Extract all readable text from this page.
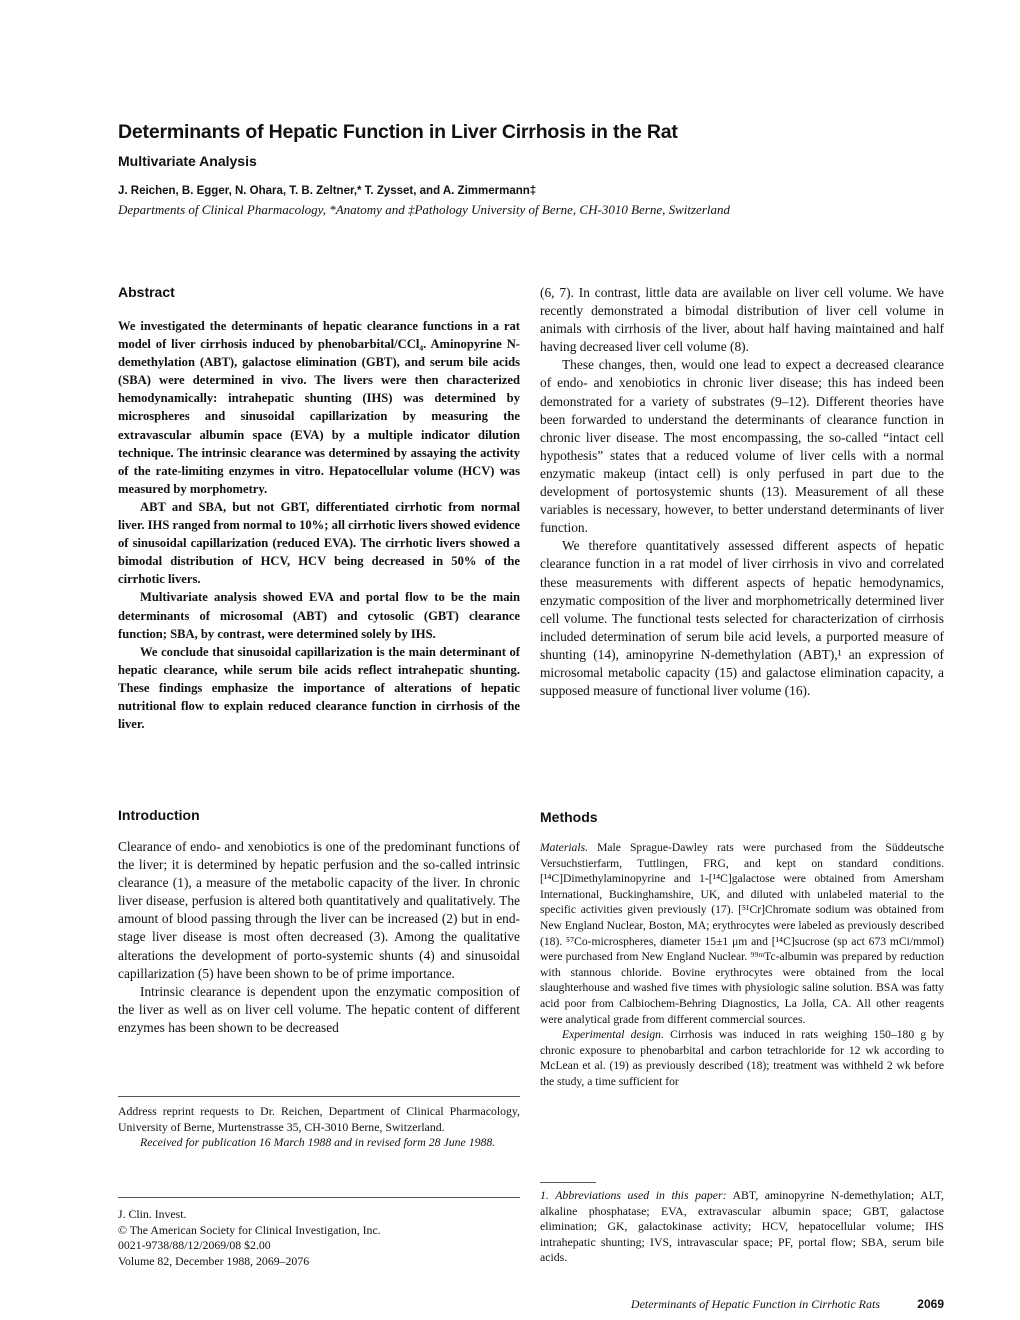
Determinants of Hepatic Function in Liver Cirrhosis in the Rat
Multivariate Analysis
J. Reichen, B. Egger, N. Ohara, T. B. Zeltner,* T. Zysset, and A. Zimmermann‡
Departments of Clinical Pharmacology, *Anatomy and ‡Pathology University of Berne, CH-3010 Berne, Switzerland
Abstract

We investigated the determinants of hepatic clearance functions in a rat model of liver cirrhosis induced by phenobarbital/CCl₄. Aminopyrine N-demethylation (ABT), galactose elimination (GBT), and serum bile acids (SBA) were determined in vivo. The livers were then characterized hemodynamically: intrahepatic shunting (IHS) was determined by microspheres and sinusoidal capillarization by measuring the extravascular albumin space (EVA) by a multiple indicator dilution technique. The intrinsic clearance was determined by assaying the activity of the rate-limiting enzymes in vitro. Hepatocellular volume (HCV) was measured by morphometry.

ABT and SBA, but not GBT, differentiated cirrhotic from normal liver. IHS ranged from normal to 10%; all cirrhotic livers showed evidence of sinusoidal capillarization (reduced EVA). The cirrhotic livers showed a bimodal distribution of HCV, HCV being decreased in 50% of the cirrhotic livers.

Multivariate analysis showed EVA and portal flow to be the main determinants of microsomal (ABT) and cytosolic (GBT) clearance function; SBA, by contrast, were determined solely by IHS.

We conclude that sinusoidal capillarization is the main determinant of hepatic clearance, while serum bile acids reflect intrahepatic shunting. These findings emphasize the importance of alterations of hepatic nutritional flow to explain reduced clearance function in cirrhosis of the liver.

Introduction

Clearance of endo- and xenobiotics is one of the predominant functions of the liver; it is determined by hepatic perfusion and the so-called intrinsic clearance (1), a measure of the metabolic capacity of the liver. In chronic liver disease, perfusion is altered both quantitatively and qualitatively. The amount of blood passing through the liver can be increased (2) but in end-stage liver disease is most often decreased (3). Among the qualitative alterations the development of porto-systemic shunts (4) and sinusoidal capillarization (5) have been shown to be of prime importance.

Intrinsic clearance is dependent upon the enzymatic composition of the liver as well as on liver cell volume. The hepatic content of different enzymes has been shown to be decreased

Address reprint requests to Dr. Reichen, Department of Clinical Pharmacology, University of Berne, Murtenstrasse 35, CH-3010 Berne, Switzerland.

Received for publication 16 March 1988 and in revised form 28 June 1988.

J. Clin. Invest.
© The American Society for Clinical Investigation, Inc.
0021-9738/88/12/2069/08 $2.00
Volume 82, December 1988, 2069–2076

(6, 7). In contrast, little data are available on liver cell volume. We have recently demonstrated a bimodal distribution of liver cell volume in animals with cirrhosis of the liver, about half having maintained and half having decreased liver cell volume (8).

These changes, then, would one lead to expect a decreased clearance of endo- and xenobiotics in chronic liver disease; this has indeed been demonstrated for a variety of substrates (9–12). Different theories have been forwarded to understand the determinants of clearance function in chronic liver disease. The most encompassing, the so-called “intact cell hypothesis” states that a reduced volume of liver cells with a normal enzymatic makeup (intact cell) is only perfused in part due to the development of portosystemic shunts (13). Measurement of all these variables is necessary, however, to better understand determinants of liver function.

We therefore quantitatively assessed different aspects of hepatic clearance function in a rat model of liver cirrhosis in vivo and correlated these measurements with different aspects of hepatic hemodynamics, enzymatic composition of the liver and morphometrically determined liver cell volume. The functional tests selected for characterization of cirrhosis included determination of serum bile acid levels, a purported measure of shunting (14), aminopyrine N-demethylation (ABT),¹ an expression of microsomal metabolic capacity (15) and galactose elimination capacity, a supposed measure of functional liver volume (16).

Methods

Materials. Male Sprague-Dawley rats were purchased from the Süddeutsche Versuchstierfarm, Tuttlingen, FRG, and kept on standard conditions. [¹⁴C]Dimethylaminopyrine and 1-[¹⁴C]galactose were obtained from Amersham International, Buckinghamshire, UK, and diluted with unlabeled material to the specific activities given previously (17). [⁵¹Cr]Chromate sodium was obtained from New England Nuclear, Boston, MA; erythrocytes were labeled as previously described (18). ⁵⁷Co-microspheres, diameter 15±1 μm and [¹⁴C]sucrose (sp act 673 mCi/mmol) were purchased from New England Nuclear. ⁹⁹ᵐTc-albumin was prepared by reduction with stannous chloride. Bovine erythrocytes were obtained from the local slaughterhouse and washed five times with physiologic saline solution. BSA was fatty acid poor from Calbiochem-Behring Diagnostics, La Jolla, CA. All other reagents were analytical grade from different commercial sources.

Experimental design. Cirrhosis was induced in rats weighing 150–180 g by chronic exposure to phenobarbital and carbon tetrachloride for 12 wk according to McLean et al. (19) as previously described (18); treatment was withheld 2 wk before the study, a time sufficient for

1. Abbreviations used in this paper: ABT, aminopyrine N-demethylation; ALT, alkaline phosphatase; EVA, extravascular albumin space; GBT, galactose elimination; GK, galactokinase activity; HCV, hepatocellular volume; IHS intrahepatic shunting; IVS, intravascular space; PF, portal flow; SBA, serum bile acids.

Determinants of Hepatic Function in Cirrhotic Rats	2069
